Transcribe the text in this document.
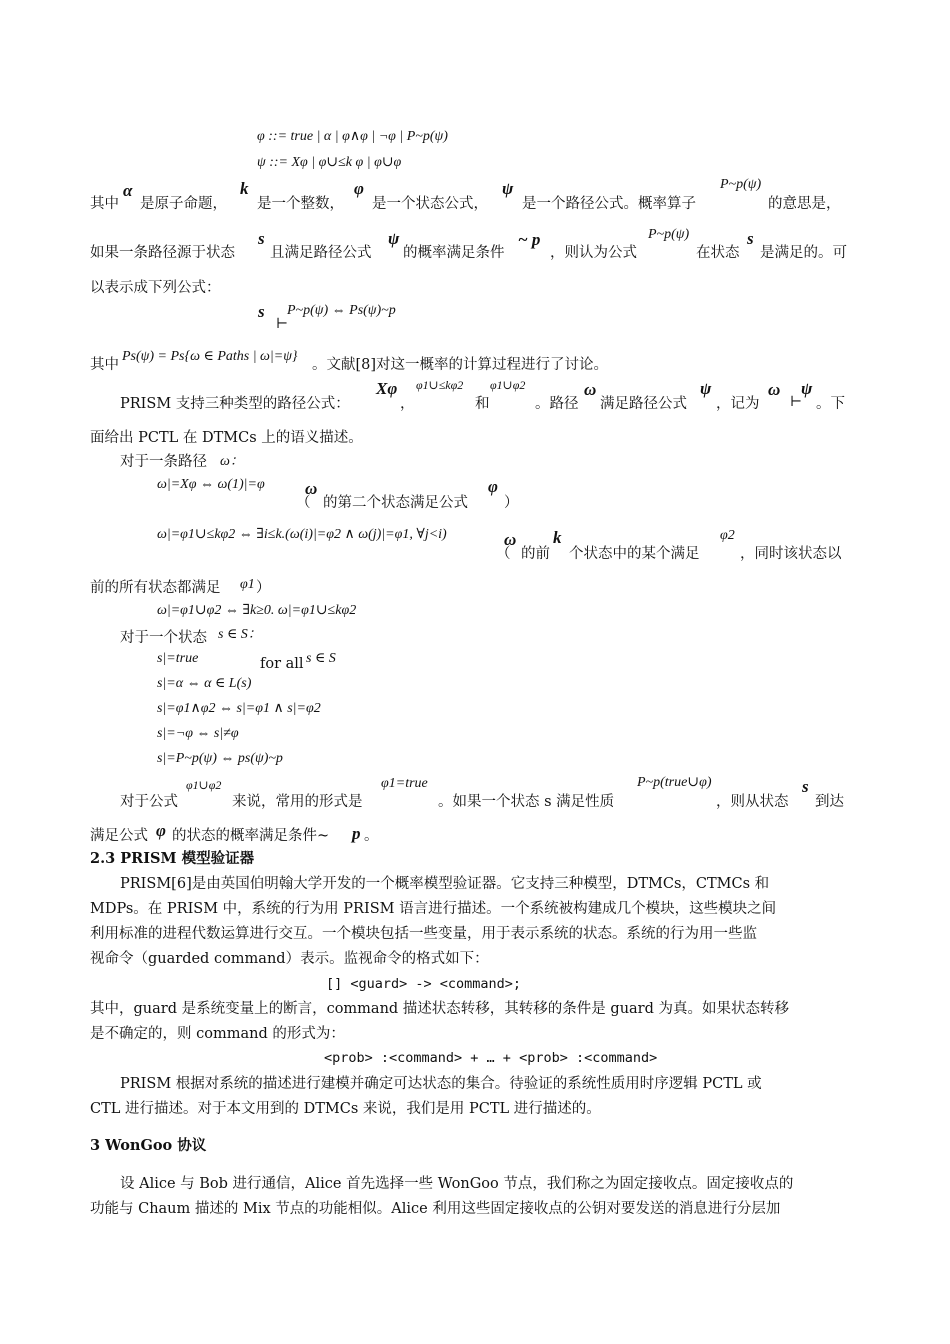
φ ::= true | α | φ∧φ | ¬φ | P~p(ψ)
ψ ::= Xφ | φ∪≤k φ | φ∪φ
其中
α
是原子命题，
k
是一个整数，
φ
是一个状态公式，
ψ
是一个路径公式。概率算子
P~p(ψ)
的意思是，
如果一条路径源于状态
s
且满足路径公式
ψ
的概率满足条件
~ p
，则认为公式
P~p(ψ)
在状态
s
是满足的。可
以表示成下列公式：
s
⊢
P~p(ψ) ⇔ Ps(ψ)~p
其中
Ps(ψ) = Ps{ω ∈ Paths | ω|=ψ}
。文献[8]对这一概率的计算过程进行了讨论。
PRISM 支持三种类型的路径公式：
Xφ
，
φ1∪≤kφ2
和
φ1∪φ2
。路径
ω
满足路径公式
ψ
，记为
ω
⊢
ψ
。下
面给出 PCTL 在 DTMCs 上的语义描述。
对于一条路径 ω：
ω|=Xφ ⇔ ω(1)|=φ
（
ω
的第二个状态满足公式
φ
）
ω|=φ1∪≤kφ2 ⇔ ∃i≤k.(ω(i)|=φ2 ∧ ω(j)|=φ1, ∀j<i)
（
ω
的前
k
个状态中的某个满足
φ2
，同时该状态以
前的所有状态都满足 φ1 ）
ω|=φ1∪φ2 ⇔ ∃k≥0. ω|=φ1∪≤kφ2
对于一个状态 s ∈ S：
s|=true	for all s ∈ S
s|=α ⇔ α ∈ L(s)
s|=φ1∧φ2 ⇔ s|=φ1 ∧ s|=φ2
s|=¬φ ⇔ s|≠φ
s|=P~p(ψ) ⇔ ps(ψ)~p
对于公式
φ1∪φ2
来说，常用的形式是
φ1=true
。如果一个状态 s 满足性质
P~p(true∪φ)
，则从状态
s
到达
满足公式 φ 的状态的概率满足条件~ p 。
2.3 PRISM 模型验证器
PRISM[6]是由英国伯明翰大学开发的一个概率模型验证器。它支持三种模型，DTMCs，CTMCs 和
MDPs。在 PRISM 中，系统的行为用 PRISM 语言进行描述。一个系统被构建成几个模块，这些模块之间
利用标准的进程代数运算进行交互。一个模块包括一些变量，用于表示系统的状态。系统的行为用一些监
视命令（guarded command）表示。监视命令的格式如下：
[] <guard> -> <command>;
其中，guard 是系统变量上的断言，command 描述状态转移，其转移的条件是 guard 为真。如果状态转移
是不确定的，则 command 的形式为：
<prob> :<command> + … + <prob> :<command>
PRISM 根据对系统的描述进行建模并确定可达状态的集合。待验证的系统性质用时序逻辑 PCTL 或
CTL 进行描述。对于本文用到的 DTMCs 来说，我们是用 PCTL 进行描述的。
3 WonGoo 协议
设 Alice 与 Bob 进行通信，Alice 首先选择一些 WonGoo 节点，我们称之为固定接收点。固定接收点的
功能与 Chaum 描述的 Mix 节点的功能相似。Alice 利用这些固定接收点的公钥对要发送的消息进行分层加
